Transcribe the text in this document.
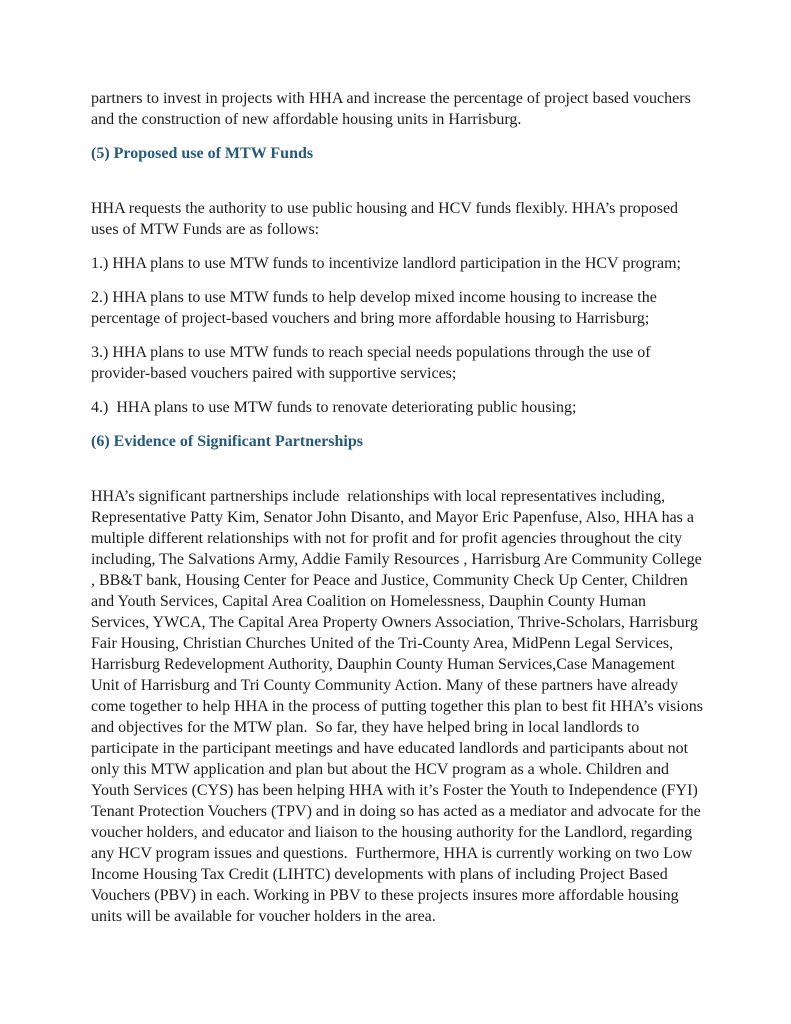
partners to invest in projects with HHA and increase the percentage of project based vouchers and the construction of new affordable housing units in Harrisburg.

(5) Proposed use of MTW Funds

HHA requests the authority to use public housing and HCV funds flexibly. HHA’s proposed uses of MTW Funds are as follows:

1.) HHA plans to use MTW funds to incentivize landlord participation in the HCV program;

2.) HHA plans to use MTW funds to help develop mixed income housing to increase the percentage of project-based vouchers and bring more affordable housing to Harrisburg;

3.) HHA plans to use MTW funds to reach special needs populations through the use of provider-based vouchers paired with supportive services;

4.)  HHA plans to use MTW funds to renovate deteriorating public housing;

(6) Evidence of Significant Partnerships

HHA’s significant partnerships include  relationships with local representatives including, Representative Patty Kim, Senator John Disanto, and Mayor Eric Papenfuse, Also, HHA has a multiple different relationships with not for profit and for profit agencies throughout the city including, The Salvations Army, Addie Family Resources , Harrisburg Are Community College , BB&T bank, Housing Center for Peace and Justice, Community Check Up Center, Children and Youth Services, Capital Area Coalition on Homelessness, Dauphin County Human Services, YWCA, The Capital Area Property Owners Association, Thrive-Scholars, Harrisburg Fair Housing, Christian Churches United of the Tri-County Area, MidPenn Legal Services, Harrisburg Redevelopment Authority, Dauphin County Human Services,Case Management Unit of Harrisburg and Tri County Community Action. Many of these partners have already come together to help HHA in the process of putting together this plan to best fit HHA’s visions and objectives for the MTW plan.  So far, they have helped bring in local landlords to participate in the participant meetings and have educated landlords and participants about not only this MTW application and plan but about the HCV program as a whole. Children and Youth Services (CYS) has been helping HHA with it’s Foster the Youth to Independence (FYI) Tenant Protection Vouchers (TPV) and in doing so has acted as a mediator and advocate for the voucher holders, and educator and liaison to the housing authority for the Landlord, regarding any HCV program issues and questions.  Furthermore, HHA is currently working on two Low Income Housing Tax Credit (LIHTC) developments with plans of including Project Based Vouchers (PBV) in each. Working in PBV to these projects insures more affordable housing units will be available for voucher holders in the area.
